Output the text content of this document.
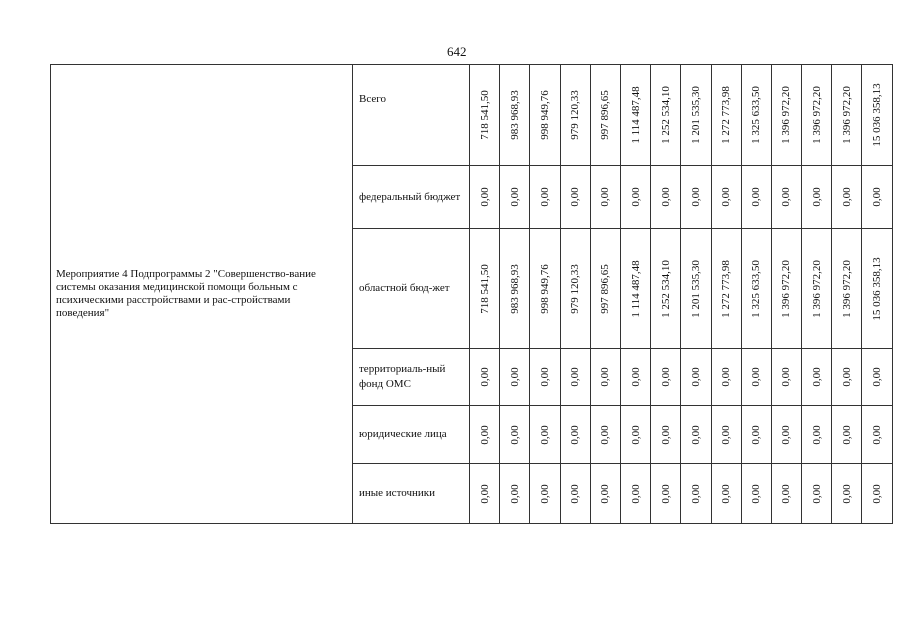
642
Мероприятие 4 Подпрограммы 2 "Совершенство-вание системы оказания медицинской помощи больным с психическими расстройствами и рас-стройствами поведения"	Всего	718 541,50	983 968,93	998 949,76	979 120,33	997 896,65	1 114 487,48	1 252 534,10	1 201 535,30	1 272 773,98	1 325 633,50	1 396 972,20	1 396 972,20	1 396 972,20	15 036 358,13

	федеральный бюджет	0,00	0,00	0,00	0,00	0,00	0,00	0,00	0,00	0,00	0,00	0,00	0,00	0,00	0,00

	областной бюд-жет	718 541,50	983 968,93	998 949,76	979 120,33	997 896,65	1 114 487,48	1 252 534,10	1 201 535,30	1 272 773,98	1 325 633,50	1 396 972,20	1 396 972,20	1 396 972,20	15 036 358,13

	территориаль-ный фонд ОМС	0,00	0,00	0,00	0,00	0,00	0,00	0,00	0,00	0,00	0,00	0,00	0,00	0,00	0,00

	юридические лица	0,00	0,00	0,00	0,00	0,00	0,00	0,00	0,00	0,00	0,00	0,00	0,00	0,00	0,00

	иные источники	0,00	0,00	0,00	0,00	0,00	0,00	0,00	0,00	0,00	0,00	0,00	0,00	0,00	0,00
